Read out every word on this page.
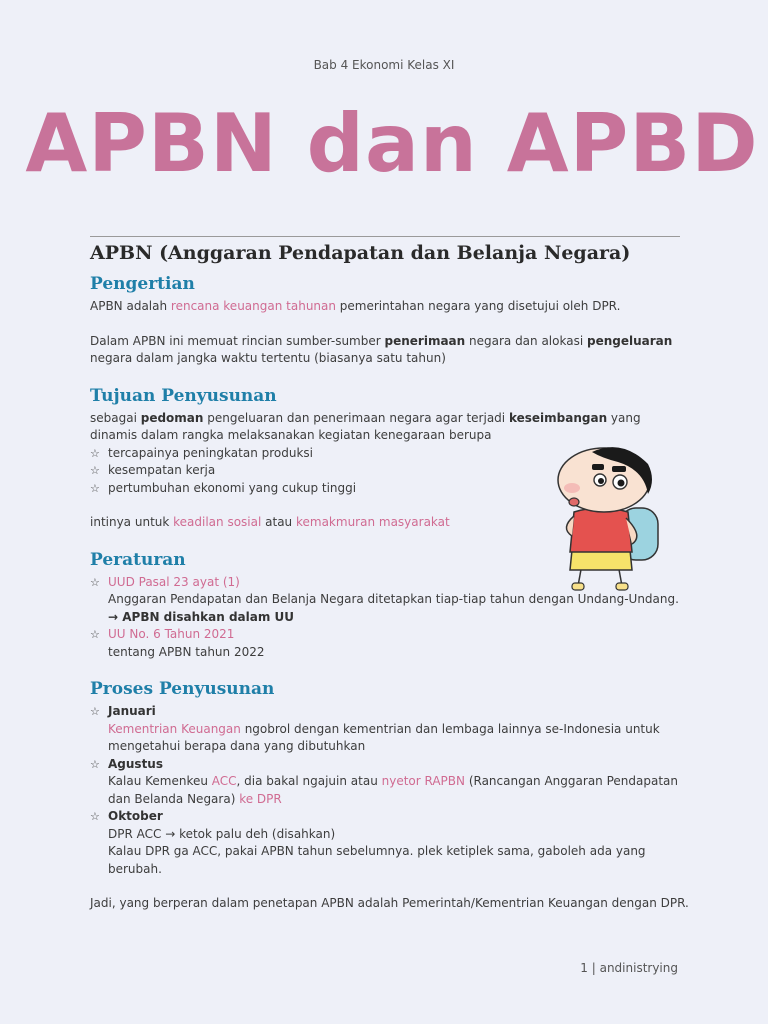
Bab 4 Ekonomi Kelas XI
APBN dan APBD
APBN (Anggaran Pendapatan dan Belanja Negara)
Pengertian

APBN adalah rencana keuangan tahunan pemerintahan negara yang disetujui oleh DPR.

Dalam APBN ini memuat rincian sumber-sumber penerimaan negara dan alokasi pengeluaran negara dalam jangka waktu tertentu (biasanya satu tahun)

Tujuan Penyusunan

sebagai pedoman pengeluaran dan penerimaan negara agar terjadi keseimbangan yang dinamis dalam rangka melaksanakan kegiatan kenegaraan berupa

☆ tercapainya peningkatan produksi
☆ kesempatan kerja
☆ pertumbuhan ekonomi yang cukup tinggi

intinya untuk keadilan sosial atau kemakmuran masyarakat

Peraturan
☆ UUD Pasal 23 ayat (1)

Anggaran Pendapatan dan Belanja Negara ditetapkan tiap-tiap tahun dengan Undang-Undang.

→ APBN disahkan dalam UU

☆ UU No. 6 Tahun 2021

tentang APBN tahun 2022

Proses Penyusunan
☆ Januari

Kementrian Keuangan ngobrol dengan kementrian dan lembaga lainnya se-Indonesia untuk mengetahui berapa dana yang dibutuhkan

☆ Agustus

Kalau Kemenkeu ACC, dia bakal ngajuin atau nyetor RAPBN (Rancangan Anggaran Pendapatan dan Belanda Negara) ke DPR

☆ Oktober

DPR ACC → ketok palu deh (disahkan)

Kalau DPR ga ACC, pakai APBN tahun sebelumnya. plek ketiplek sama, gaboleh ada yang berubah.

Jadi, yang berperan dalam penetapan APBN adalah Pemerintah/Kementrian Keuangan dengan DPR.

1 | andinistrying
